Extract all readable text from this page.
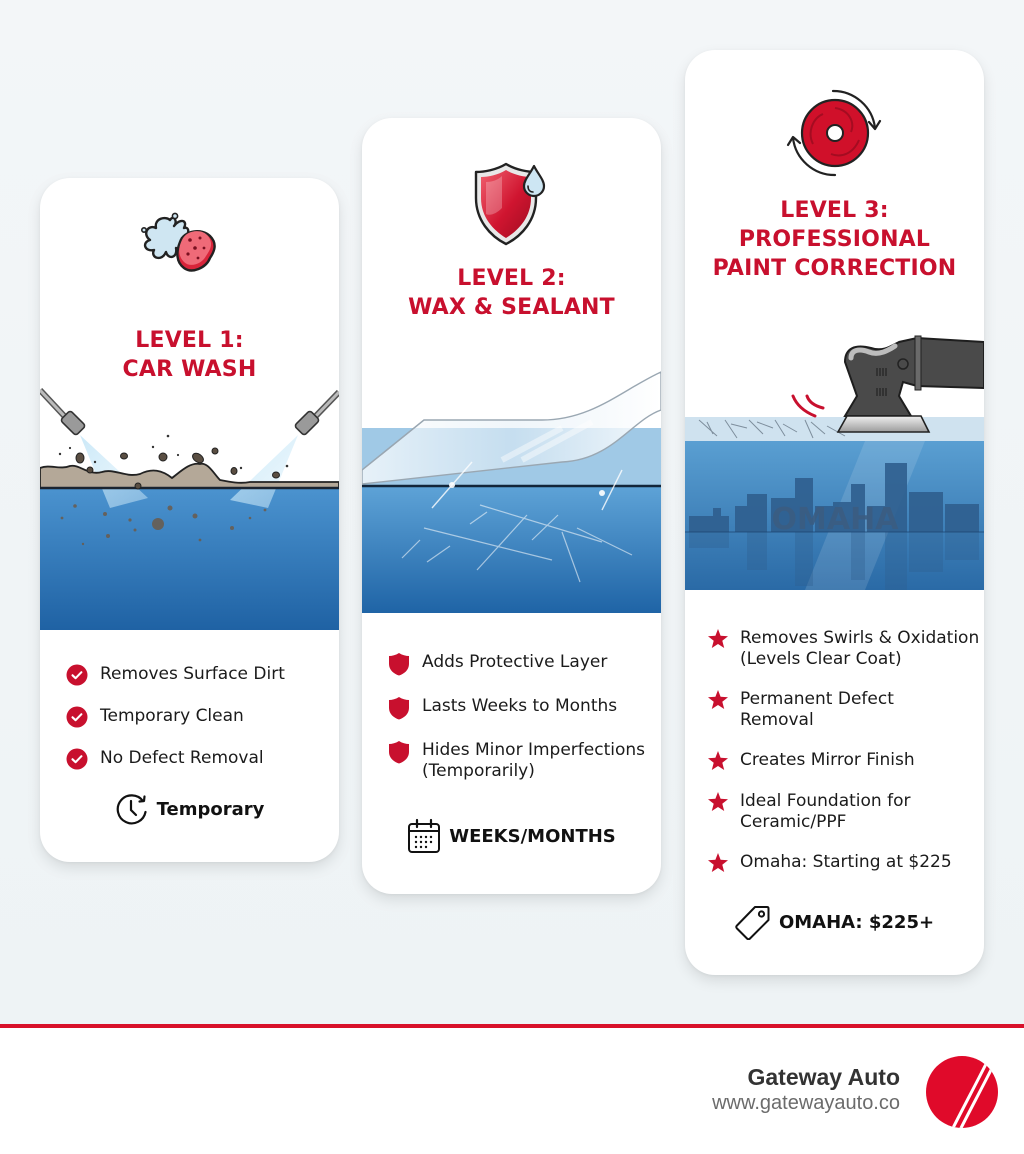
LEVEL 1:
CAR WASH
Removes Surface Dirt
Temporary Clean
No Defect Removal
Temporary
LEVEL 2:
WAX & SEALANT
Adds Protective Layer
Lasts Weeks to Months
Hides Minor Imperfections
(Temporarily)
WEEKS/MONTHS
LEVEL 3:
PROFESSIONAL
PAINT CORRECTION
OMAHA
Removes Swirls & Oxidation
(Levels Clear Coat)
Permanent Defect
Removal
Creates Mirror Finish
Ideal Foundation for
Ceramic/PPF
Omaha: Starting at $225
OMAHA: $225+
Gateway Auto
www.gatewayauto.co
